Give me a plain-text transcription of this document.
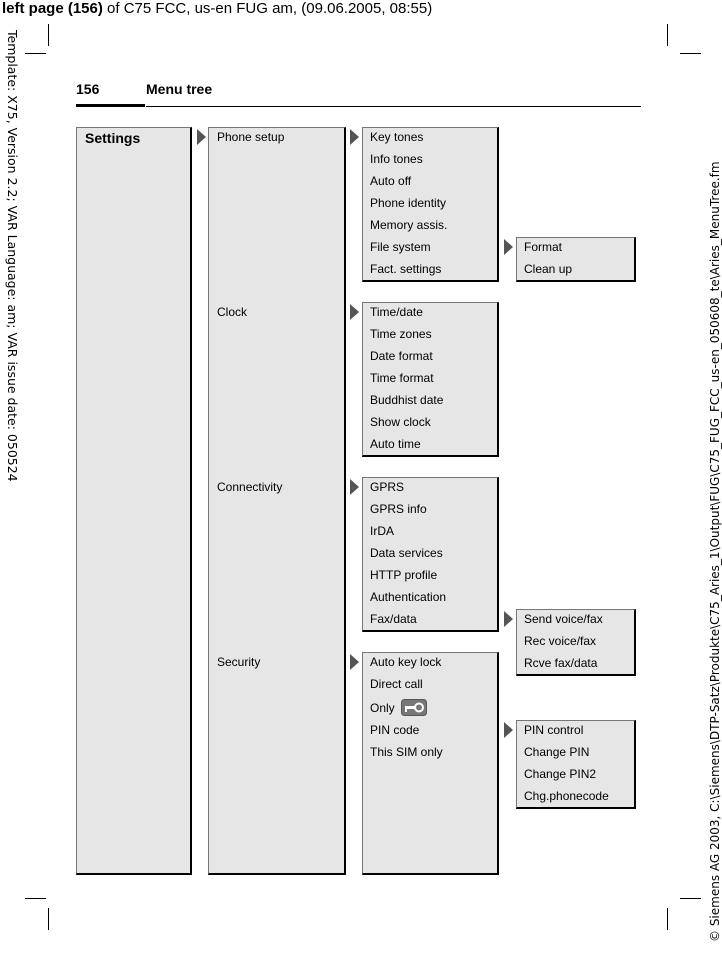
left page (156) of C75 FCC, us-en FUG am, (09.06.2005, 08:55)
Template: X75, Version 2.2; VAR Language: am; VAR issue date: 050524	© Siemens AG 2003, C:\Siemens\DTP-Satz\Produkte\C75_Aries_1\Output\FUG\C75_FUG_FCC_us-en_050608_te\Aries_MenuTree.fm
156	Menu tree
Settings	Phone setup
Clock
Connectivity
Security
Key tones
Info tones
Auto off
Phone identity
Memory assis.
File system
Fact. settings
Format
Clean up
Time/date
Time zones
Date format
Time format
Buddhist date
Show clock
Auto time
GPRS
GPRS info
IrDA
Data services
HTTP profile
Authentication
Fax/data	Send voice/fax
Rec voice/fax
Rcve fax/data
Auto key lock
Direct call
Only
PIN code
This SIM only
PIN control
Change PIN
Change PIN2
Chg.phonecode
